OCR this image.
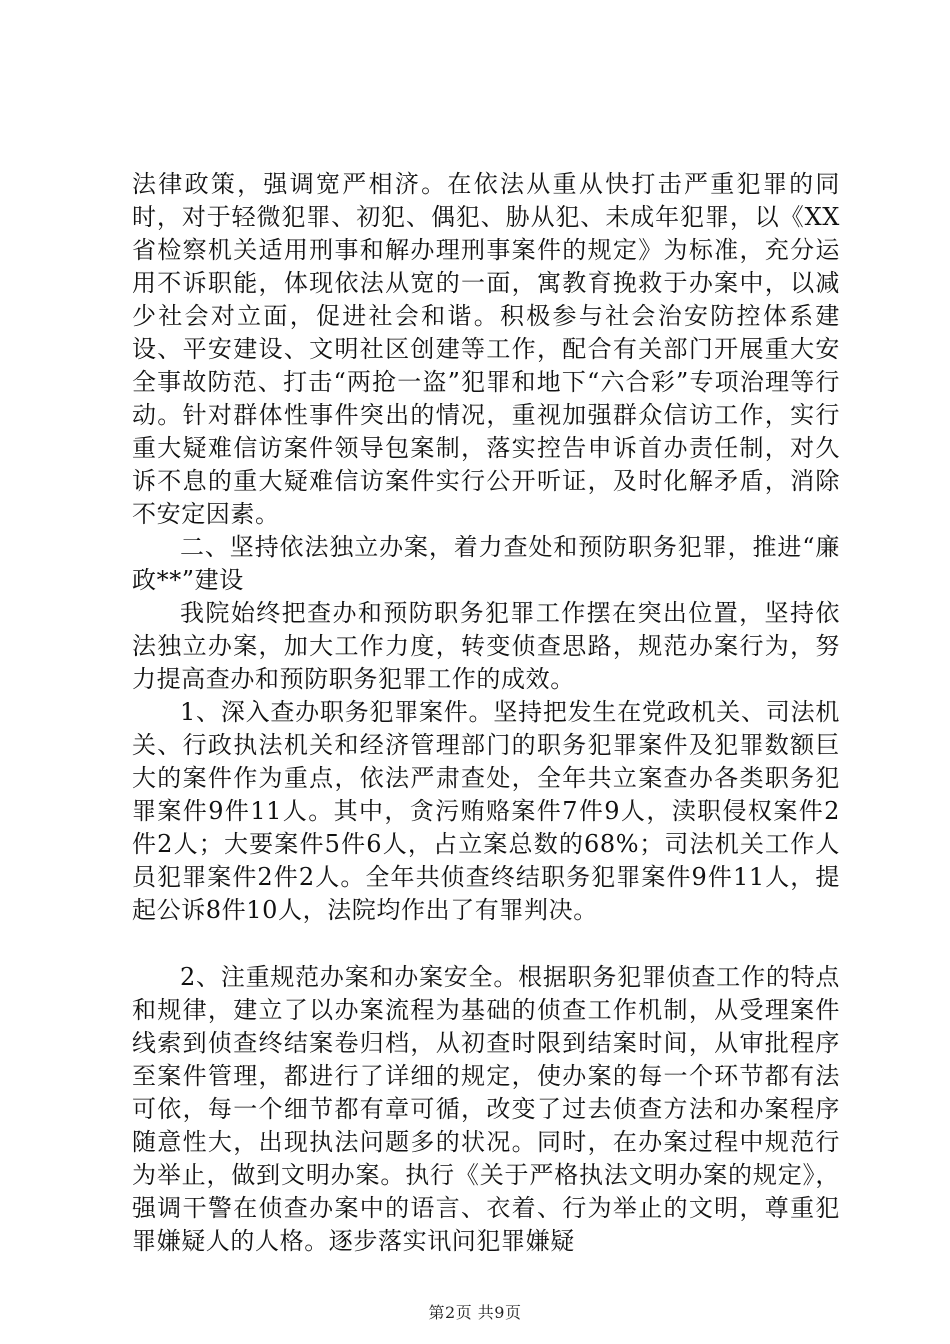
法律政策，强调宽严相济。在依法从重从快打击严重犯罪的同时，对于轻微犯罪、初犯、偶犯、胁从犯、未成年犯罪，以《XX省检察机关适用刑事和解办理刑事案件的规定》为标准，充分运用不诉职能，体现依法从宽的一面，寓教育挽救于办案中，以减少社会对立面，促进社会和谐。积极参与社会治安防控体系建设、平安建设、文明社区创建等工作，配合有关部门开展重大安全事故防范、打击“两抢一盗”犯罪和地下“六合彩”专项治理等行动。针对群体性事件突出的情况，重视加强群众信访工作，实行重大疑难信访案件领导包案制，落实控告申诉首办责任制，对久诉不息的重大疑难信访案件实行公开听证，及时化解矛盾，消除不安定因素。

二、坚持依法独立办案，着力查处和预防职务犯罪，推进“廉政**”建设

我院始终把查办和预防职务犯罪工作摆在突出位置，坚持依法独立办案，加大工作力度，转变侦查思路，规范办案行为，努力提高查办和预防职务犯罪工作的成效。

1、深入查办职务犯罪案件。坚持把发生在党政机关、司法机关、行政执法机关和经济管理部门的职务犯罪案件及犯罪数额巨大的案件作为重点，依法严肃查处，全年共立案查办各类职务犯罪案件9件11人。其中，贪污贿赂案件7件9人，渎职侵权案件2件2人；大要案件5件6人，占立案总数的68%；司法机关工作人员犯罪案件2件2人。全年共侦查终结职务犯罪案件9件11人，提起公诉8件10人，法院均作出了有罪判决。

2、注重规范办案和办案安全。根据职务犯罪侦查工作的特点和规律，建立了以办案流程为基础的侦查工作机制，从受理案件线索到侦查终结案卷归档，从初查时限到结案时间，从审批程序至案件管理，都进行了详细的规定，使办案的每一个环节都有法可依，每一个细节都有章可循，改变了过去侦查方法和办案程序随意性大，出现执法问题多的状况。同时，在办案过程中规范行为举止，做到文明办案。执行《关于严格执法文明办案的规定》，强调干警在侦查办案中的语言、衣着、行为举止的文明，尊重犯罪嫌疑人的人格。逐步落实讯问犯罪嫌疑

第2页 共9页
